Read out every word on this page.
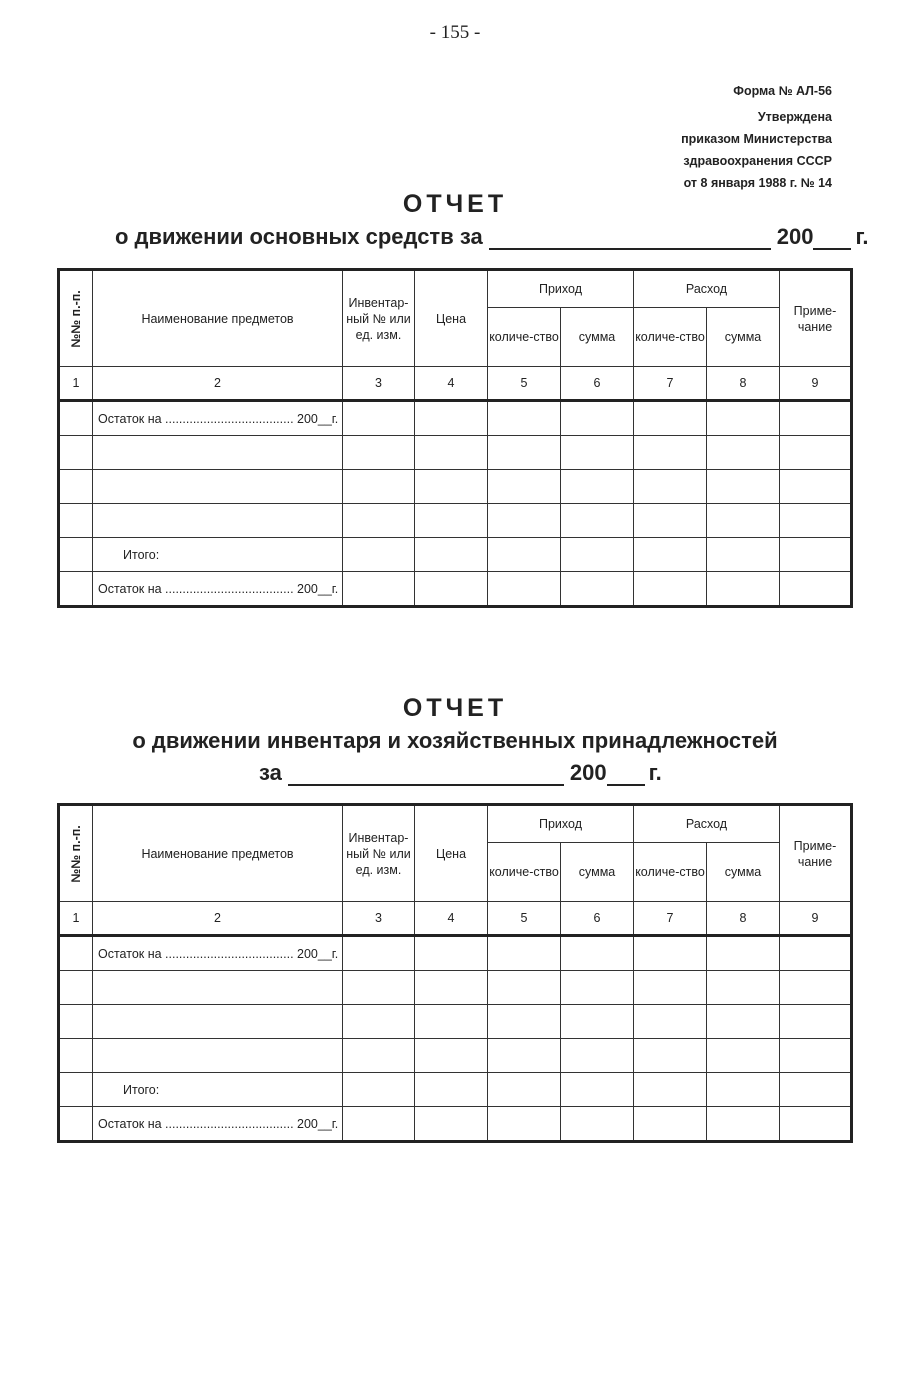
- 155 -
Форма № АЛ-56
Утверждена
приказом Министерства
здравоохранения СССР
от 8 января 1988 г. № 14
ОТЧЕТ
о движении основных средств за	200 г.
№№ п.-п.	Наименование предметов	Инвентар-ный № или ед. изм.	Цена	Приход		Расход		Приме-чание
				количе-ство	сумма	количе-ство	сумма	
1	2	3	4	5	6	7	8	9
	Остаток на ..................................... 200__г.							

	Итого:							
	Остаток на ..................................... 200__г.							
ОТЧЕТ
о движении инвентаря и хозяйственных принадлежностей
за	200 г.
№№ п.-п.	Наименование предметов	Инвентар-ный № или ед. изм.	Цена	Приход		Расход		Приме-чание
				количе-ство	сумма	количе-ство	сумма	
1	2	3	4	5	6	7	8	9
	Остаток на ..................................... 200__г.							

	Итого:							
	Остаток на ..................................... 200__г.							
